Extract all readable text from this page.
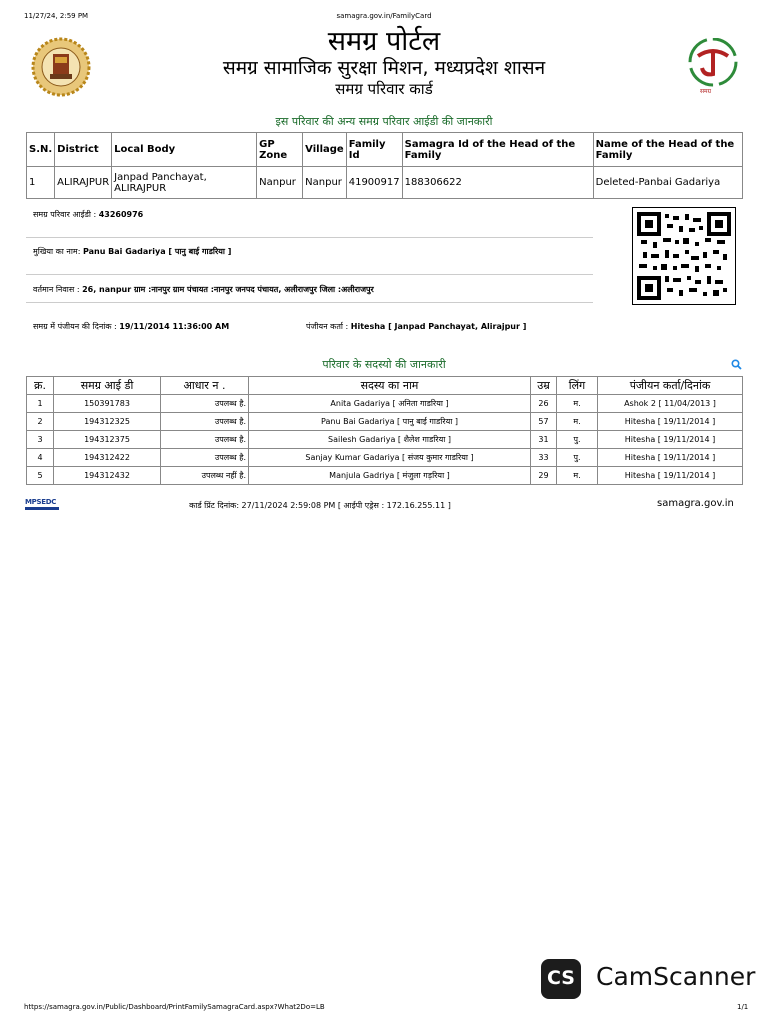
11/27/24, 2:59 PM	samagra.gov.in/FamilyCard
समग्र पोर्टल
समग्र सामाजिक सुरक्षा मिशन, मध्यप्रदेश शासन
समग्र परिवार कार्ड	समग्र
इस परिवार की अन्य समग्र परिवार आईडी की जानकारी
S.N.	District	Local Body	GP Zone	Village	Family Id	Samagra Id of the Head of the Family	Name of the Head of the Family
1	ALIRAJPUR	Janpad Panchayat, ALIRAJPUR	Nanpur	Nanpur	41900917	188306622	Deleted-Panbai Gadariya
समग्र परिवार आईडी : 43260976
मुखिया का नाम: Panu Bai Gadariya [ पानु बाई गाडरिया ]
वर्तमान निवास : 26, nanpur ग्राम :नानपुर ग्राम पंचायत :नानपुर जनपद पंचायत, अलीराजपुर जिला :अलीराजपुर
समग्र में पंजीयन की दिनांक : 19/11/2014 11:36:00 AM	पंजीयन कर्ता : Hitesha [ Janpad Panchayat, Alirajpur ]
परिवार के सदस्यो की जानकारी
क्र.	समग्र आई डी	आधार न .	सदस्य का नाम	उम्र	लिंग	पंजीयन कर्ता/दिनांक
1	150391783	उपलब्ध है.	Anita Gadariya [ अनिता गाडरिया ]	26	म.	Ashok 2 [ 11/04/2013 ]
2	194312325	उपलब्ध है.	Panu Bai Gadariya [ पानु बाई गाडरिया ]	57	म.	Hitesha [ 19/11/2014 ]
3	194312375	उपलब्ध है.	Sailesh Gadariya [ शैलेश गाडरिया ]	31	पु.	Hitesha [ 19/11/2014 ]
4	194312422	उपलब्ध है.	Sanjay Kumar Gadariya [ संजय कुमार गाडरिया ]	33	पु.	Hitesha [ 19/11/2014 ]
5	194312432	उपलब्ध नहीं है.	Manjula Gadriya [ मंजुला गड़रिया ]	29	म.	Hitesha [ 19/11/2014 ]
MPSEDC	कार्ड प्रिंट दिनांक: 27/11/2024 2:59:08 PM [ आईपी एड्रेस : 172.16.255.11 ]	samagra.gov.in
CS CamScanner
https://samagra.gov.in/Public/Dashboard/PrintFamilySamagraCard.aspx?What2Do=LB	1/1
